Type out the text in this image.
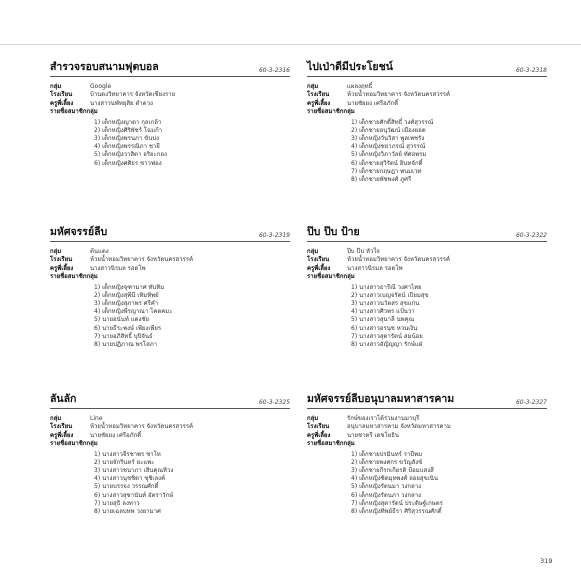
สำรวจรอบสนามฟุตบอล	60-3-2316
กลุ่ม	Google
โรงเรียน	บ้านดงวิทยาคาร จังหวัดเชียงราย
ครูพี่เลี้ยง	นางสาวนพัทยุสิย ตำตวง
รายชื่อสมาชิกกลุ่ม
1) เด็กหญิงญาดา กุลเกล้า
2) เด็กหญิงศิริพัชร์ โฉมก้า
3) เด็กหญิงพรนภา ขันปง
4) เด็กหญิงพรรณิภา ชายี
5) เด็กหญิงวาสิตา อริยะกอง
6) เด็กหญิงศศิธร ชาวฟอง
ไปเป่าดีมีประโยชน์	60-3-2318
กลุ่ม	แผลงฤทธิ์
โรงเรียน	ห้วยน้ำหอมวิทยาคาร จังหวัดนครสวรรค์
ครูพี่เลี้ยง	นายชัยยง เศรีอภักดิ์
รายชื่อสมาชิกกลุ่ม
1) เด็กชายศักดิ์สิทธิ์ วงศ์สุวรรณ์
2) เด็กชายอนุวัฒน์ เมืองยอด
3) เด็กหญิงวันวิสา พูลเพชรัง
4) เด็กหญิงชยาภรณ์ สุวรรณ์
5) เด็กหญิงวิภาวัลย์ ทัศอพรม
6) เด็กชายสุวิรัตน์ อินทจักดิ์
7) เด็กชายกฤษฎา พนมเวท
8) เด็กชายพัชพงศ์ ภูศรี
มหัศจรรย์ลีบ	60-3-2319
กลุ่ม	ต้นแตง
โรงเรียน	ห้วยน้ำหอมวิทยาคาร จังหวัดนครสวรรค์
ครูพี่เลี้ยง	นางสาวนิรมล รอดโพ
รายชื่อสมาชิกกลุ่ม
1) เด็กหญิงจุฑามาศ ทับทิม
2) เด็กหญิงสุพีนี เทิมทิพย์
3) เด็กหญิงสุภาพร ศรีคำ
4) เด็กหญิงพีรญาณา โคตคมะ
5) นายอนันท์ แดงชัย
6) นายธีระพงษ์ เพียงเพียร
7) นายอภิสิทธิ์ บุปิจันธ์
8) นายปฏิภาณ พรโสภา
ป๊บ ป๊บ ป้าย	60-3-2322
กลุ่ม	ป๊บ ป๊บ หัวใจ
โรงเรียน	ห้วยน้ำหอมวิทยาคาร จังหวัดนครสวรรค์
ครูพี่เลี้ยง	นางสาวนิรมล รอดโพ
รายชื่อสมาชิกกลุ่ม
1) นางสาวธารีณี วงศาไทย
2) นางสาวเบญจรัตน์ เปียมสุข
3) นางสาวนวัตสร สุขแก่น
4) นางสาวศิวพร แป้นวา
5) นางสาวสุนาลี นพคุณ
6) นางสาวอรนุช หวนเงิน
7) นางสาวสุดารัตน์ สมน้อย
8) นางสาวอัญิญญา รักษ์แฝ่
ลันลัก	60-3-2325
กลุ่ม	Line
โรงเรียน	ห้วยน้ำหอมวิทยาคาร จังหวัดนครสวรรค์
ครูพี่เลี้ยง	นายชัยยง เศรีอภักดิ์
รายชื่อสมาชิกกลุ่ม
1) นางสาวจีรชาพร ชาโท
2) นายจักรินทร์ ยะแพะ
3) นางสาวชนาภา เสินคุณหิวง
4) นางสาวนุชชิดา ชุชิเลงค์
5) นายบรรจง วรรณศักดิ์
6) นางสาวสุชานันท์ อัตราวักษ์
7) นายสุธิ ลงทาว
8) นายเฉลบหพ วงยามาศ
มหัศจรรย์ลีบอนุบาลมหาสารคาม	60-3-2327
กลุ่ม	รักษ์ของเราได้ร่วมงานมาบุรี
โรงเรียน	อนุบาลมหาสารคาม จังหวัดมหาสารคาม
ครูพี่เลี้ยง	นายชาตรี เดชโยธิน
รายชื่อสมาชิกกลุ่ม
1) เด็กชายปรมินทร์ ราปีพม
2) เด็กชายพงศกร ขวัญสังข์
3) เด็กชายกีรกเกียรติ ป้อมแสงสี
4) เด็กหญิงชิดมุทพงศ์ ลอยสุขเนิน
5) เด็กหญิงรัตนมา วงกลาง
6) เด็กหญิงรัตนภา วงกลาง
7) เด็กหญิงสุดารัตน์ ประดิษฐ์เกษตร
8) เด็กหญิงทิพย์ธีรา ศิริสุวรรณศักดิ์
319
